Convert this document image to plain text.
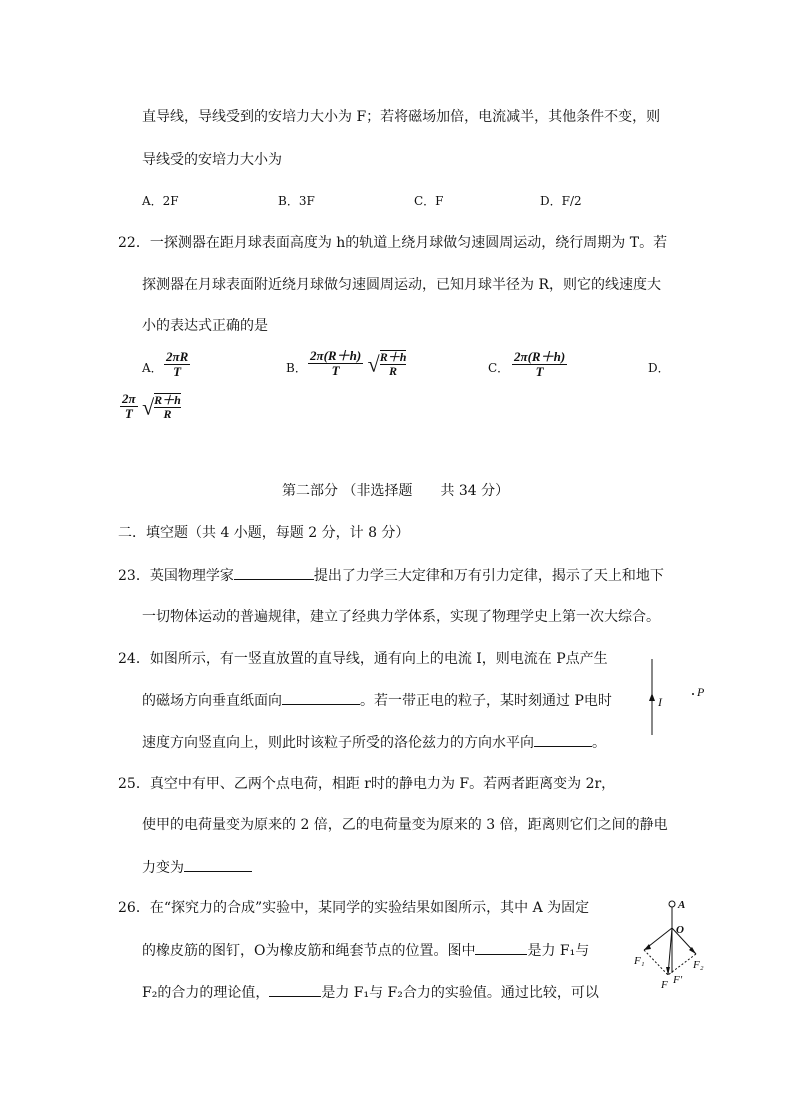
直导线，导线受到的安培力大小为 F；若将磁场加倍，电流减半，其他条件不变，则
导线受的安培力大小为
A．2F	B．3F	C．F	D．F/2
22．一探测器在距月球表面高度为 h的轨道上绕月球做匀速圆周运动，绕行周期为 T。若
探测器在月球表面附近绕月球做匀速圆周运动，已知月球半径为 R，则它的线速度大
小的表达式正确的是
A． $\frac{2\pi R}{T}$	B． $\frac{2\pi(R+h)}{T}$ √ $\frac{R+h}{R}$	C． $\frac{2\pi(R+h)}{T}$	D．
$\frac{2\pi}{T}$ √ $\frac{R+h}{R}$
第二部分 （非选择题　　共 34 分）
二．填空题（共 4 小题，每题 2 分，计 8 分）
23．英国物理学家	提出了力学三大定律和万有引力定律，揭示了天上和地下
一切物体运动的普遍规律，建立了经典力学体系，实现了物理学史上第一次大综合。
24．如图所示，有一竖直放置的直导线，通有向上的电流 I，则电流在 P点产生
的磁场方向垂直纸面向	。若一带正电的粒子，某时刻通过 P电时
速度方向竖直向上，则此时该粒子所受的洛伦兹力的方向水平向	。
I
P
25．真空中有甲、乙两个点电荷，相距 r时的静电力为 F。若两者距离变为 2r，
使甲的电荷量变为原来的 2 倍，乙的电荷量变为原来的 3 倍，距离则它们之间的静电
力变为
26．在“探究力的合成”实验中，某同学的实验结果如图所示，其中 A 为固定
的橡皮筋的图钉，O为橡皮筋和绳套节点的位置。图中	是力 F₁与
F₂的合力的理论值，	是力 F₁与 F₂合力的实验值。通过比较，可以
A
O
F₁	F₂
F F′
